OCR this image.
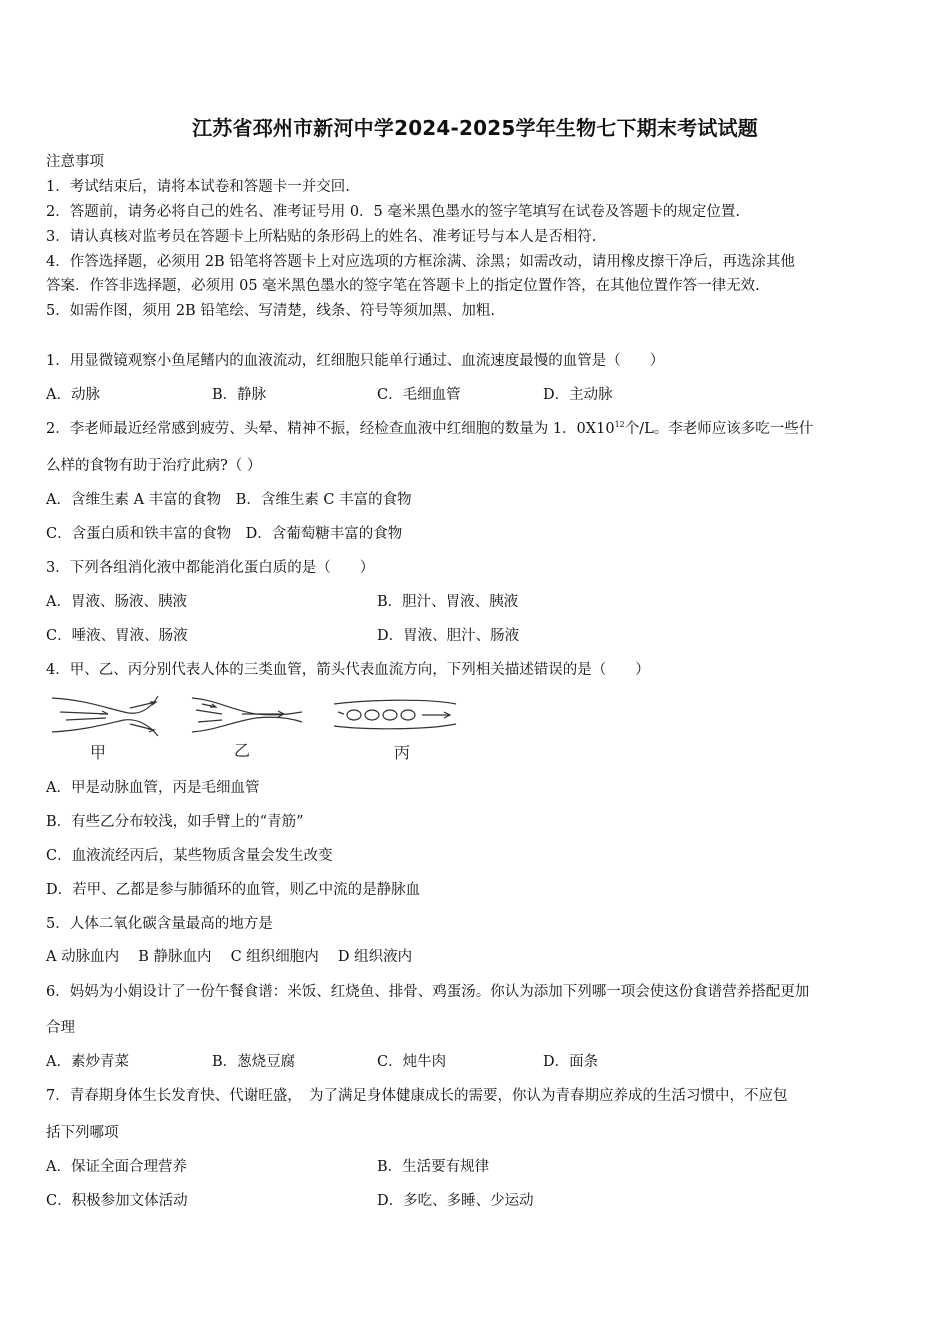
江苏省邳州市新河中学2024-2025学年生物七下期末考试试题
注意事项
1．考试结束后，请将本试卷和答题卡一并交回.
2．答题前，请务必将自己的姓名、准考证号用 0．5 毫米黑色墨水的签字笔填写在试卷及答题卡的规定位置.
3．请认真核对监考员在答题卡上所粘贴的条形码上的姓名、准考证号与本人是否相符.
4．作答选择题，必须用 2B 铅笔将答题卡上对应选项的方框涂满、涂黑；如需改动，请用橡皮擦干净后，再选涂其他
答案．作答非选择题，必须用 05 毫米黑色墨水的签字笔在答题卡上的指定位置作答，在其他位置作答一律无效.
5．如需作图，须用 2B 铅笔绘、写清楚，线条、符号等须加黑、加粗.
1．用显微镜观察小鱼尾鳍内的血液流动，红细胞只能单行通过、血流速度最慢的血管是（　　）
A．动脉	B．静脉	C．毛细血管	D．主动脉
2．李老师最近经常感到疲劳、头晕、精神不振，经检查血液中红细胞的数量为 1．$0X10^{12}$个/L。李老师应该多吃一些什
么样的食物有助于治疗此病?（ ）
A．含维生素 A 丰富的食物　B．含维生素 C 丰富的食物
C．含蛋白质和铁丰富的食物　D．含葡萄糖丰富的食物
3．下列各组消化液中都能消化蛋白质的是（　　）
A．胃液、肠液、胰液	B．胆汁、胃液、胰液
C．唾液、胃液、肠液	D．胃液、胆汁、肠液
4．甲、乙、丙分别代表人体的三类血管，箭头代表血流方向，下列相关描述错误的是（　　）
甲	乙	丙
A．甲是动脉血管，丙是毛细血管
B．有些乙分布较浅，如手臂上的“青筋”
C．血液流经丙后，某些物质含量会发生改变
D．若甲、乙都是参与肺循环的血管，则乙中流的是静脉血
5．人体二氧化碳含量最高的地方是
A 动脉血内　 B 静脉血内　 C 组织细胞内　 D 组织液内
6．妈妈为小娟设计了一份午餐食谱：米饭、红烧鱼、排骨、鸡蛋汤。你认为添加下列哪一项会使这份食谱营养搭配更加
合理
A．素炒青菜	B．葱烧豆腐	C．炖牛肉	D．面条
7．青春期身体生长发育快、代谢旺盛，　为了满足身体健康成长的需要，你认为青春期应养成的生活习惯中，不应包
括下列哪项
A．保证全面合理营养	B．生活要有规律
C．积极参加文体活动	D．多吃、多睡、少运动
